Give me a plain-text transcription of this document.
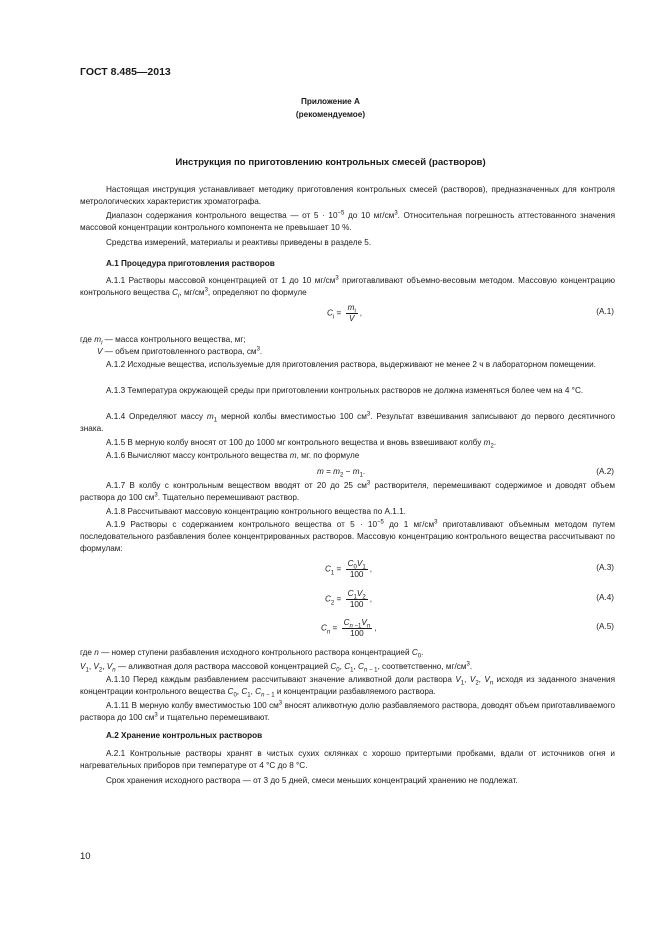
ГОСТ 8.485—2013
Приложение А
(рекомендуемое)
Инструкция по приготовлению контрольных смесей (растворов)
Настоящая инструкция устанавливает методику приготовления контрольных смесей (растворов), предназначенных для контроля метрологических характеристик хроматографа.
Диапазон содержания контрольного вещества — от $5 \cdot 10^{-5}$ до 10 $мг/см^3$. Относительная погрешность аттестованного значения массовой концентрации контрольного компонента не превышает 10 %.
Средства измерений, материалы и реактивы приведены в разделе 5.
А.1 Процедура приготовления растворов
А.1.1 Растворы массовой концентрацией от 1 до 10 $мг/см^3$ приготавливают объемно-весовым методом. Массовую концентрацию контрольного вещества $C_i$, $мг/см^3$, определяют по формуле
$C_i = \frac{m_i}{V}$ ,	(А.1)
где $m_i$ — масса контрольного вещества, мг;
V — объем приготовленного раствора, $см^3$.
А.1.2 Исходные вещества, используемые для приготовления раствора, выдерживают не менее 2 ч в лабораторном помещении.
А.1.3 Температура окружающей среды при приготовлении контрольных растворов не должна изменяться более чем на 4 °С.
А.1.4 Определяют массу $m_1$ мерной колбы вместимостью 100 $см^3$. Результат взвешивания записывают до первого десятичного знака.
А.1.5 В мерную колбу вносят от 100 до 1000 мг контрольного вещества и вновь взвешивают колбу $m_2$.
А.1.6 Вычисляют массу контрольного вещества m, мг. по формуле
$m = m_2 - m_1$.	(А.2)
А.1.7 В колбу с контрольным веществом вводят от 20 до 25 $см^3$ растворителя, перемешивают содержимое и доводят объем раствора до 100 $см^3$. Тщательно перемешивают раствор.
А.1.8 Рассчитывают массовую концентрацию контрольного вещества по А.1.1.
А.1.9 Растворы с содержанием контрольного вещества от $5 \cdot 10^{-5}$ до 1 $мг/см^3$ приготавливают объемным методом путем последовательного разбавления более концентрированных растворов. Массовую концентрацию контрольного вещества рассчитывают по формулам:
$C_1 = \frac{C_0V_1}{100}$ ,	(А.3)
$C_2 = \frac{C_1V_2}{100}$ ,	(А.4)
$C_n = \frac{C_{n -1}V_n}{100}$ ,	(А.5)
где n — номер ступени разбавления исходного контрольного раствора концентрацией $C_0$.
$V_1$, $V_2$, $V_n$ — аликвотная доля раствора массовой концентрацией $C_0$, $C_1$, $C_{n - 1}$, соответственно, $мг/см^3$.
А.1.10 Перед каждым разбавлением рассчитывают значение аликвотной доли раствора $V_1$, $V_2$, $V_n$ исходя из заданного значения концентрации контрольного вещества $C_0$, $C_1$, $C_{n - 1}$ и концентрации разбавляемого раствора.
А.1.11 В мерную колбу вместимостью 100 $см^3$ вносят аликвотную долю разбавляемого раствора, доводят объем приготавливаемого раствора до 100 $см^3$ и тщательно перемешивают.
А.2 Хранение контрольных растворов
А.2.1 Контрольные растворы хранят в чистых сухих склянках с хорошо притертыми пробками, вдали от источников огня и нагревательных приборов при температуре от 4 °С до 8 °С.
Срок хранения исходного раствора — от 3 до 5 дней, смеси меньших концентраций хранению не подлежат.
10
